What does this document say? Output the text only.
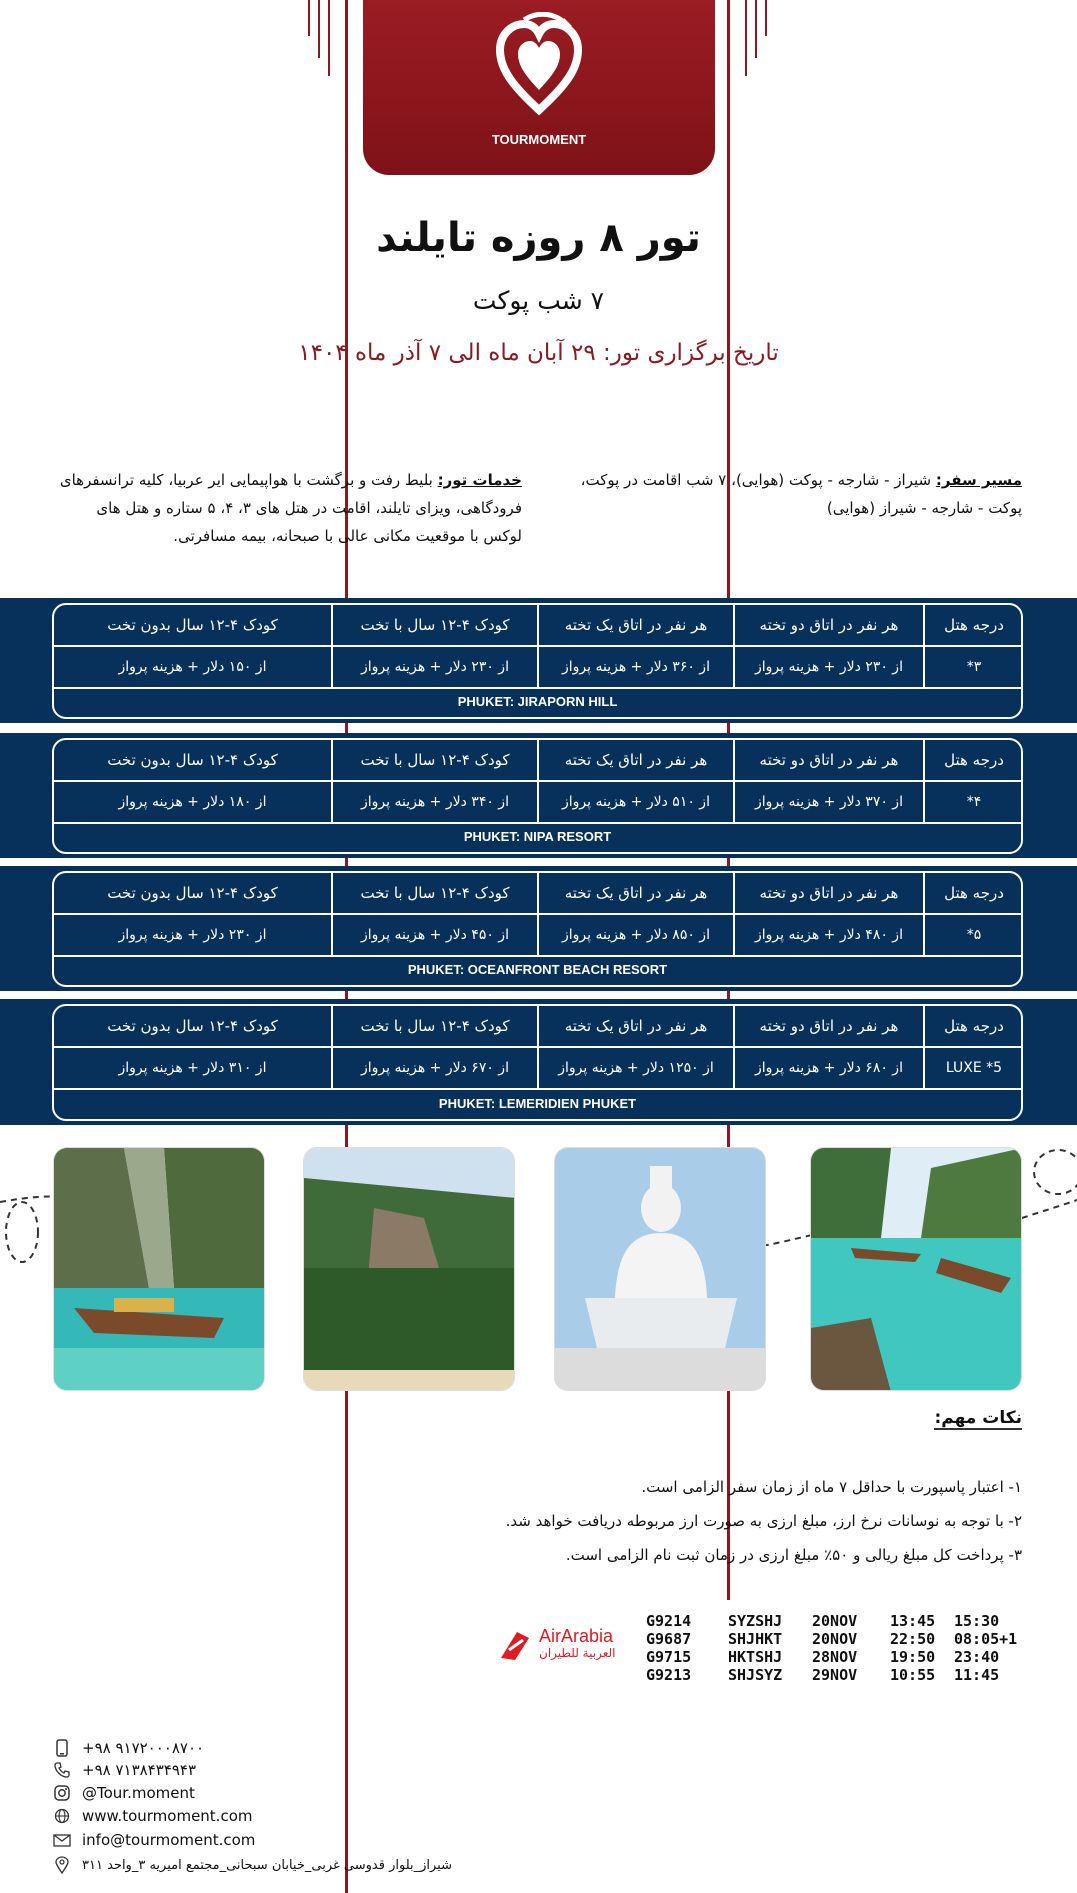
TOURMOMENT
تور ۸ روزه تایلند
۷ شب پوکت
تاریخ برگزاری تور: ۲۹ آبان ماه الی ۷ آذر ماه ۱۴۰۴
مسیر سفر: شیراز - شارجه - پوکت (هوایی)، ۷ شب اقامت در پوکت، پوکت - شارجه - شیراز (هوایی)
خدمات تور: بلیط رفت و برگشت با هواپیمایی ایر عربیا، کلیه ترانسفرهای فرودگاهی، ویزای تایلند، اقامت در هتل های ۳، ۴، ۵ ستاره و هتل های لوکس با موقعیت مکانی عالی با صبحانه، بیمه مسافرتی.
درجه هتل	هر نفر در اتاق دو تخته	هر نفر در اتاق یک تخته	کودک ۴-۱۲ سال با تخت	کودک ۴-۱۲ سال بدون تخت
۳*	از ۲۳۰ دلار + هزینه پرواز	از ۳۶۰ دلار + هزینه پرواز	از ۲۳۰ دلار + هزینه پرواز	از ۱۵۰ دلار + هزینه پرواز
PHUKET: JIRAPORN HILL
درجه هتل	هر نفر در اتاق دو تخته	هر نفر در اتاق یک تخته	کودک ۴-۱۲ سال با تخت	کودک ۴-۱۲ سال بدون تخت
۴*	از ۳۷۰ دلار + هزینه پرواز	از ۵۱۰ دلار + هزینه پرواز	از ۳۴۰ دلار + هزینه پرواز	از ۱۸۰ دلار + هزینه پرواز
PHUKET: NIPA RESORT
درجه هتل	هر نفر در اتاق دو تخته	هر نفر در اتاق یک تخته	کودک ۴-۱۲ سال با تخت	کودک ۴-۱۲ سال بدون تخت
۵*	از ۴۸۰ دلار + هزینه پرواز	از ۸۵۰ دلار + هزینه پرواز	از ۴۵۰ دلار + هزینه پرواز	از ۲۳۰ دلار + هزینه پرواز
PHUKET: OCEANFRONT BEACH RESORT
درجه هتل	هر نفر در اتاق دو تخته	هر نفر در اتاق یک تخته	کودک ۴-۱۲ سال با تخت	کودک ۴-۱۲ سال بدون تخت
5* LUXE	از ۶۸۰ دلار + هزینه پرواز	از ۱۲۵۰ دلار + هزینه پرواز	از ۶۷۰ دلار + هزینه پرواز	از ۳۱۰ دلار + هزینه پرواز
PHUKET: LEMERIDIEN PHUKET
نکات مهم:
۱- اعتبار پاسپورت با حداقل ۷ ماه از زمان سفر الزامی است.
۲- با توجه به نوسانات نرخ ارز، مبلغ ارزی به صورت ارز مربوطه دریافت خواهد شد.
۳- پرداخت کل مبلغ ریالی و ۵۰٪ مبلغ ارزی در زمان ثبت نام الزامی است.
AirArabia
العربية للطيران
G9214 SYZSHJ 20NOV 13:45 15:30
G9687 SHJHKT 20NOV 22:50 08:05+1
G9715 HKTSHJ 28NOV 19:50 23:40
G9213 SHJSYZ 29NOV 10:55 11:45
+۹۸ ۹۱۷۲۰۰۰۸۷۰۰
+۹۸ ۷۱۳۸۴۳۴۹۴۳
@Tour.moment
www.tourmoment.com
info@tourmoment.com
شیراز_بلوار قدوسی غربی_خیابان سبحانی_مجتمع امیریه ۳_واحد ۳۱۱
